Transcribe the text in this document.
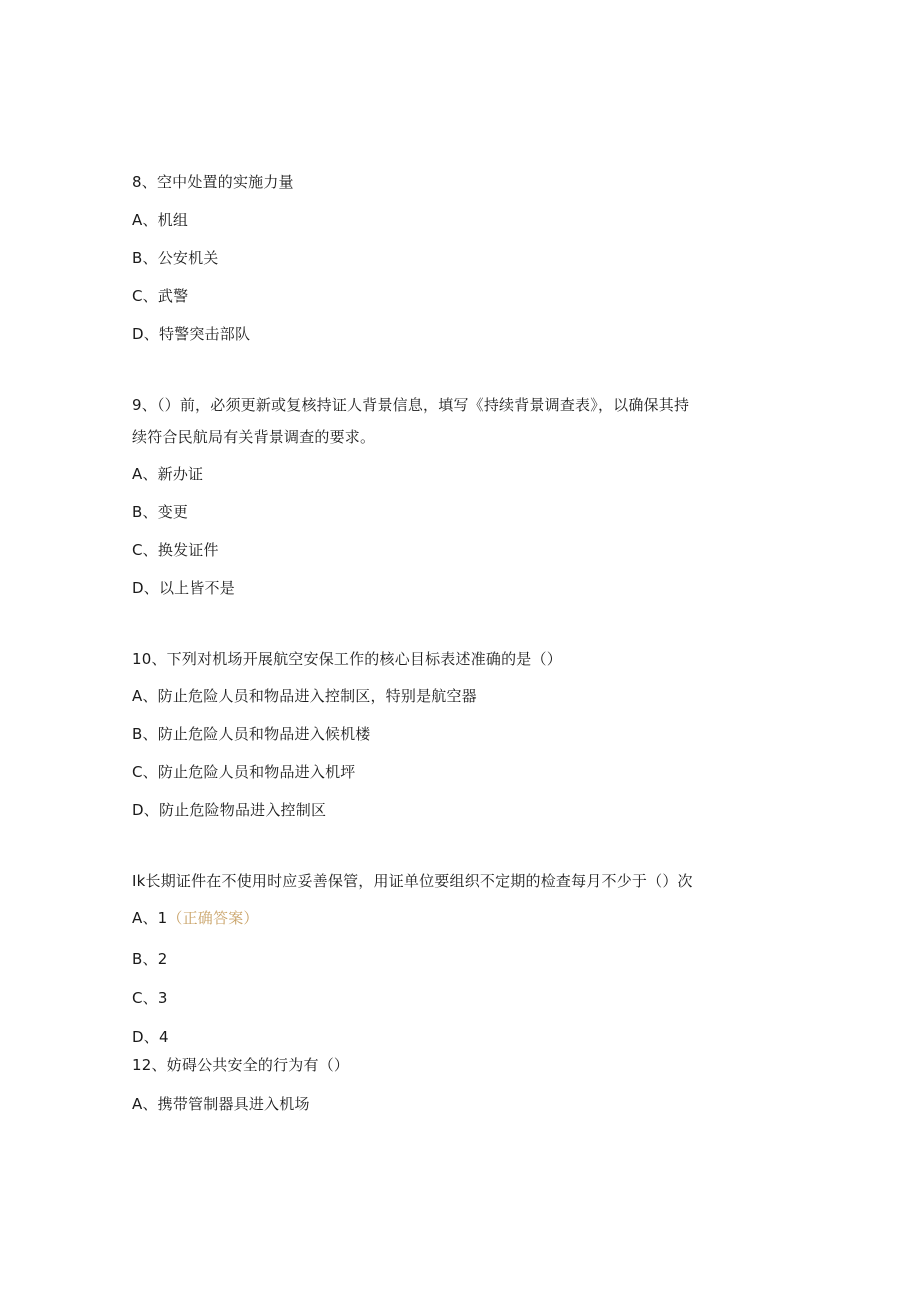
8、空中处置的实施力量
A、机组
B、公安机关
C、武警
D、特警突击部队
9、（）前，必须更新或复核持证人背景信息，填写《持续背景调查表》，以确保其持
续符合民航局有关背景调查的要求。
A、新办证
B、变更
C、换发证件
D、以上皆不是
10、下列对机场开展航空安保工作的核心目标表述准确的是（）
A、防止危险人员和物品进入控制区，特别是航空器
B、防止危险人员和物品进入候机楼
C、防止危险人员和物品进入机坪
D、防止危险物品进入控制区
Ik长期证件在不使用时应妥善保管，用证单位要组织不定期的检查每月不少于（）次
A、1（正确答案）
B、2
C、3
D、4
12、妨碍公共安全的行为有（）
A、携带管制器具进入机场
